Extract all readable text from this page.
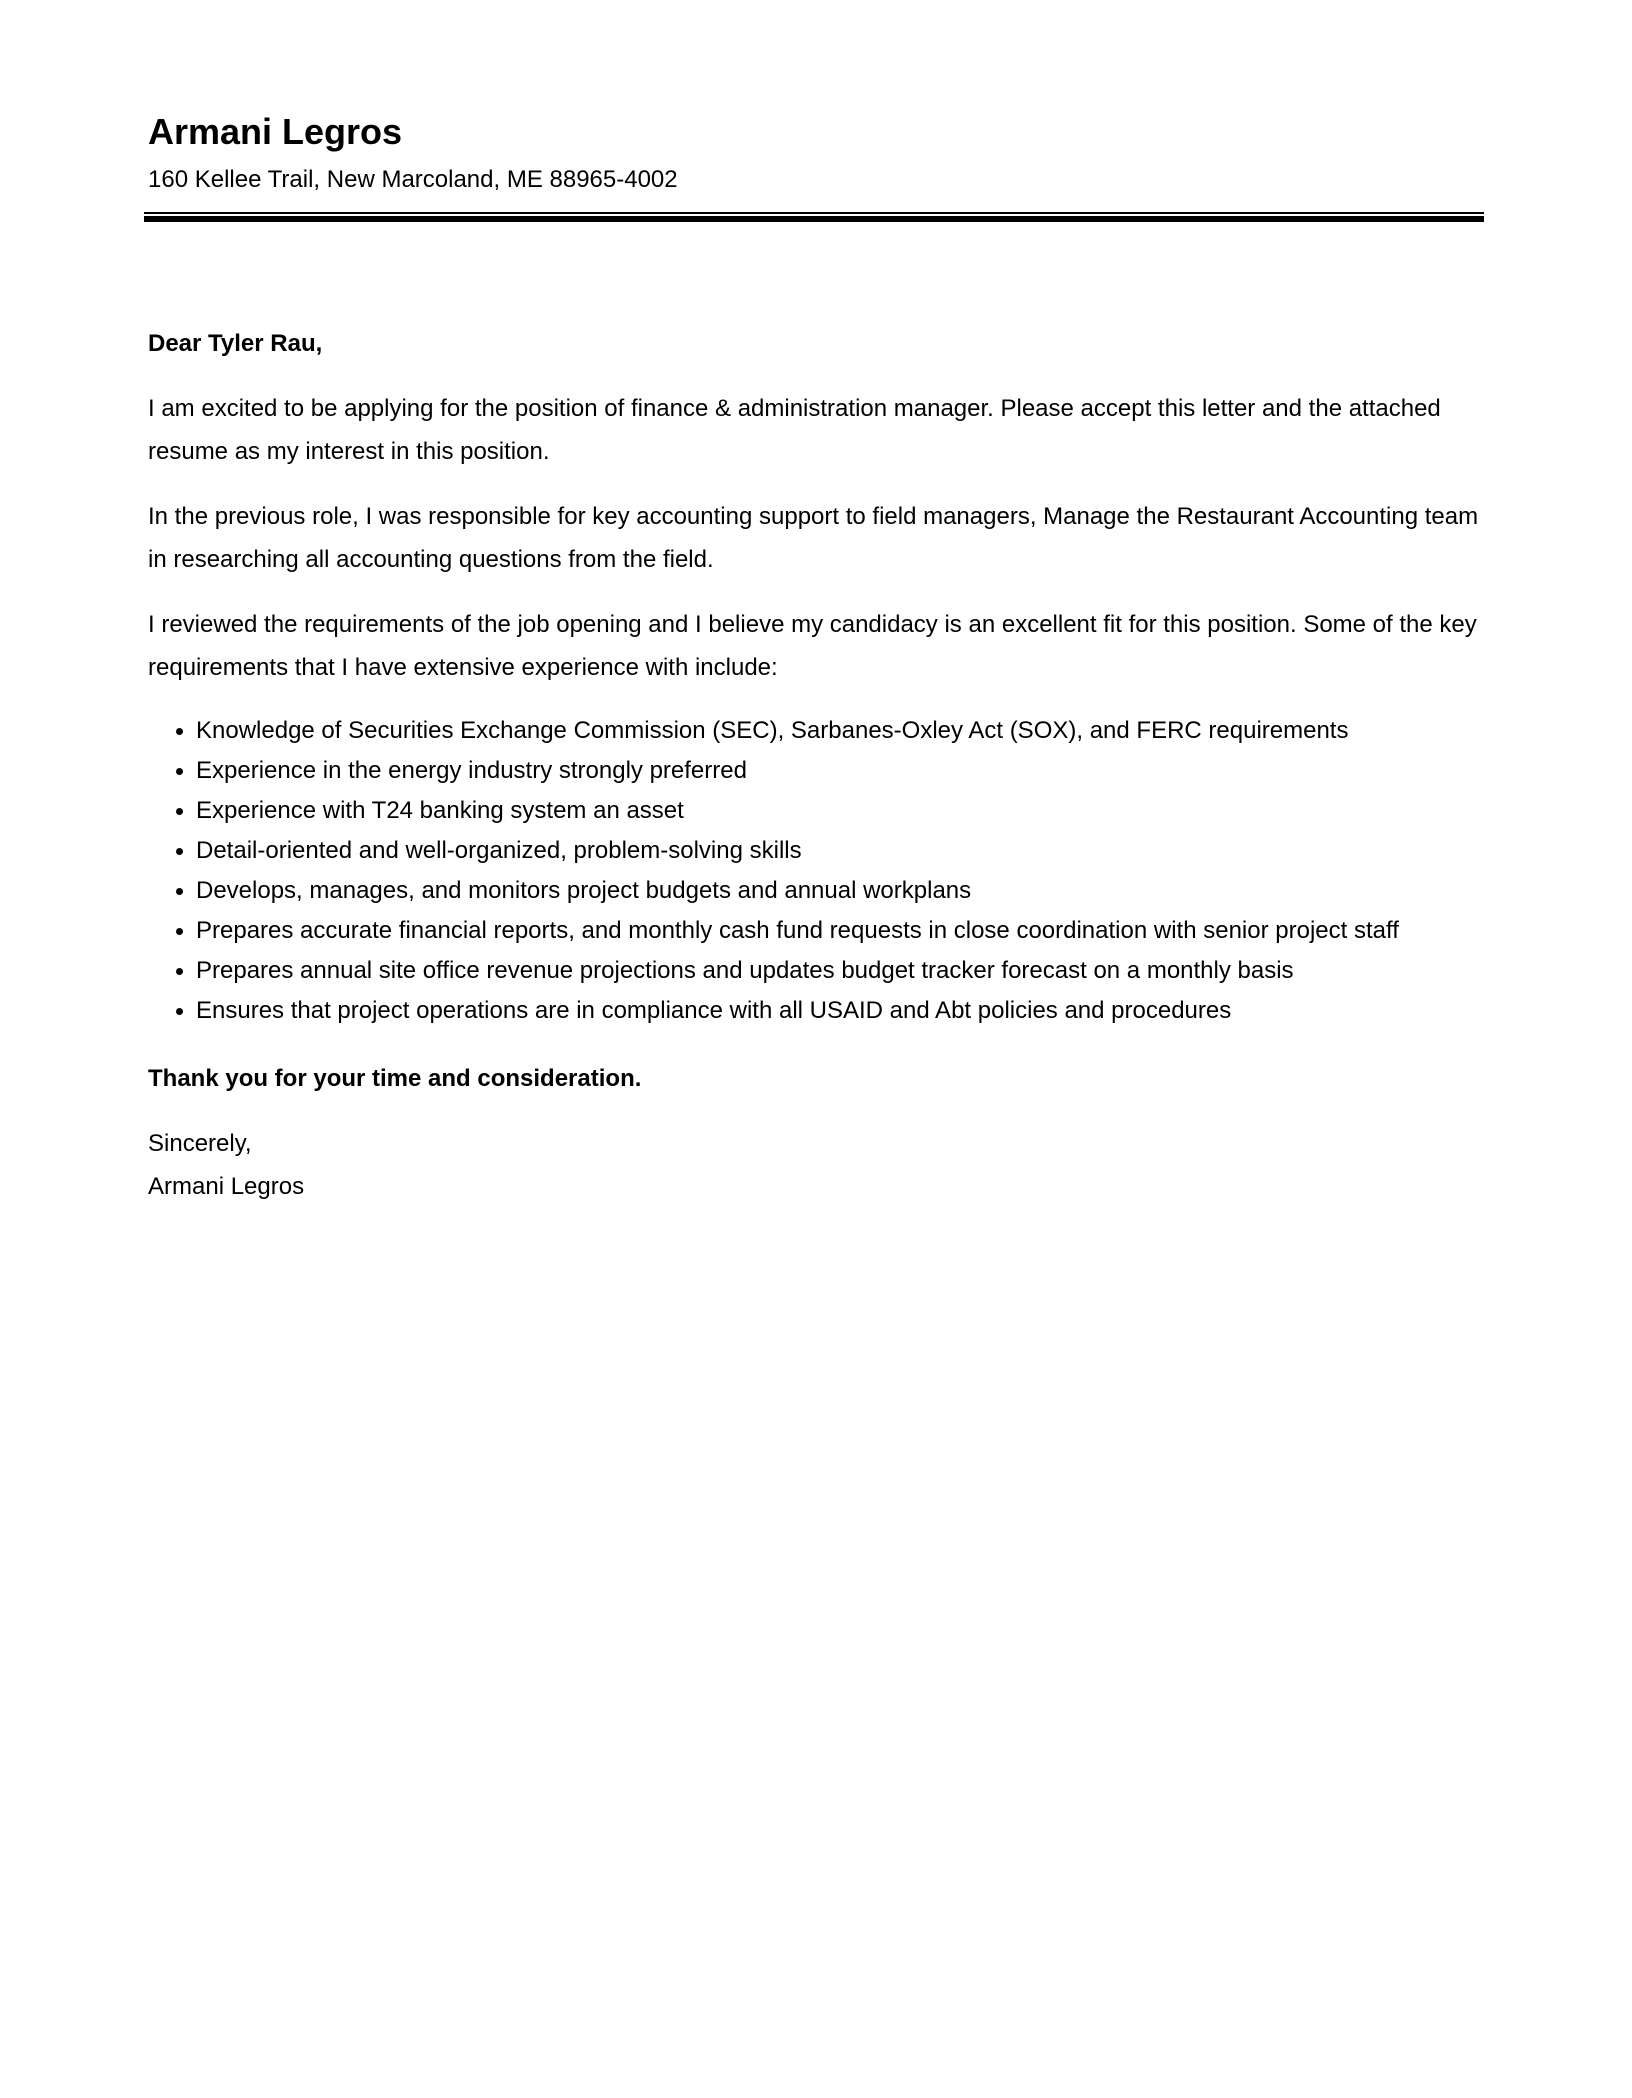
Armani Legros
160 Kellee Trail, New Marcoland, ME 88965-4002

Dear Tyler Rau,

I am excited to be applying for the position of finance & administration manager. Please accept this letter and the attached resume as my interest in this position.

In the previous role, I was responsible for key accounting support to field managers, Manage the Restaurant Accounting team in researching all accounting questions from the field.

I reviewed the requirements of the job opening and I believe my candidacy is an excellent fit for this position. Some of the key requirements that I have extensive experience with include:

• Knowledge of Securities Exchange Commission (SEC), Sarbanes-Oxley Act (SOX), and FERC requirements
• Experience in the energy industry strongly preferred
• Experience with T24 banking system an asset
• Detail-oriented and well-organized, problem-solving skills
• Develops, manages, and monitors project budgets and annual workplans
• Prepares accurate financial reports, and monthly cash fund requests in close coordination with senior project staff
• Prepares annual site office revenue projections and updates budget tracker forecast on a monthly basis
• Ensures that project operations are in compliance with all USAID and Abt policies and procedures

Thank you for your time and consideration.

Sincerely,
Armani Legros
